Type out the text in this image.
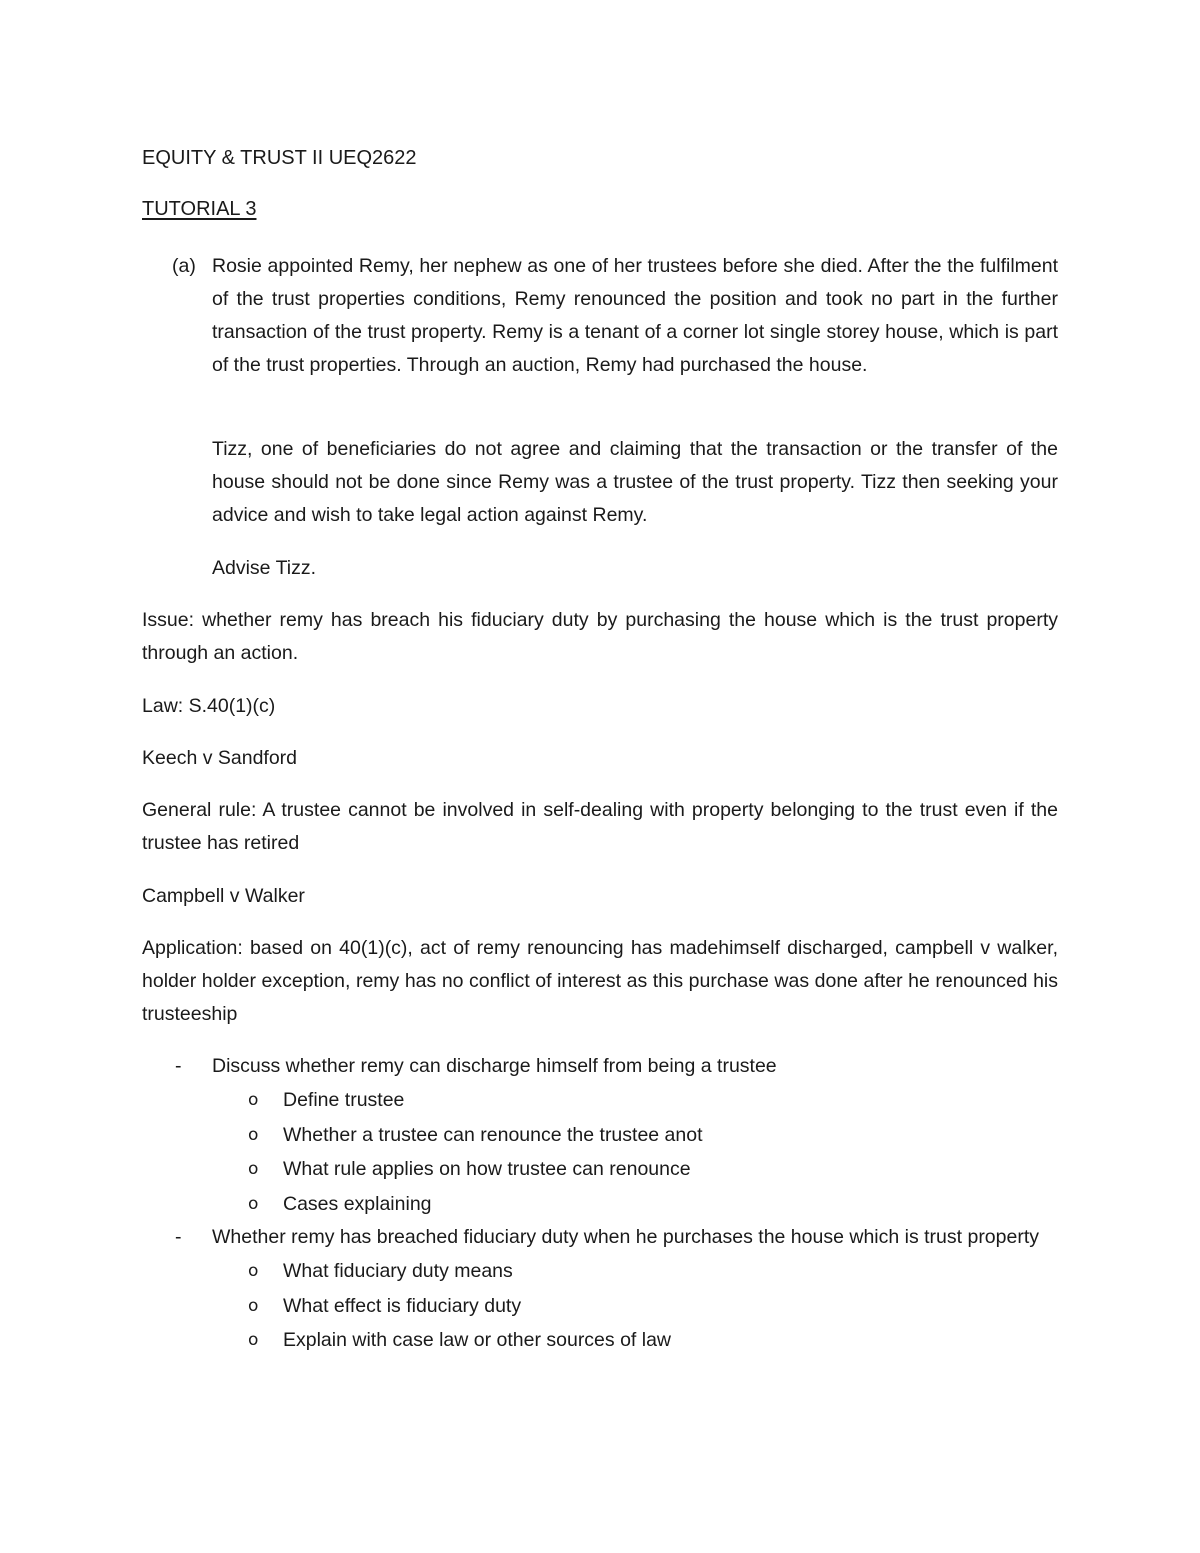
EQUITY & TRUST II UEQ2622
TUTORIAL 3
(a) Rosie appointed Remy, her nephew as one of her trustees before she died. After the the fulfilment of the trust properties conditions, Remy renounced the position and took no part in the further transaction of the trust property. Remy is a tenant of a corner lot single storey house, which is part of the trust properties. Through an auction, Remy had purchased the house.
Tizz, one of beneficiaries do not agree and claiming that the transaction or the transfer of the house should not be done since Remy was a trustee of the trust property. Tizz then seeking your advice and wish to take legal action against Remy.
Advise Tizz.
Issue: whether remy has breach his fiduciary duty by purchasing the house which is the trust property through an action.
Law: S.40(1)(c)
Keech v Sandford
General rule: A trustee cannot be involved in self-dealing with property belonging to the trust even if the trustee has retired
Campbell v Walker
Application: based on 40(1)(c), act of remy renouncing has madehimself discharged, campbell v walker, holder holder exception, remy has no conflict of interest as this purchase was done after he renounced his trusteeship
- Discuss whether remy can discharge himself from being a trustee
o Define trustee
o Whether a trustee can renounce the trustee anot
o What rule applies on how trustee can renounce
o Cases explaining
- Whether remy has breached fiduciary duty when he purchases the house which is trust property
o What fiduciary duty means
o What effect is fiduciary duty
o Explain with case law or other sources of law
